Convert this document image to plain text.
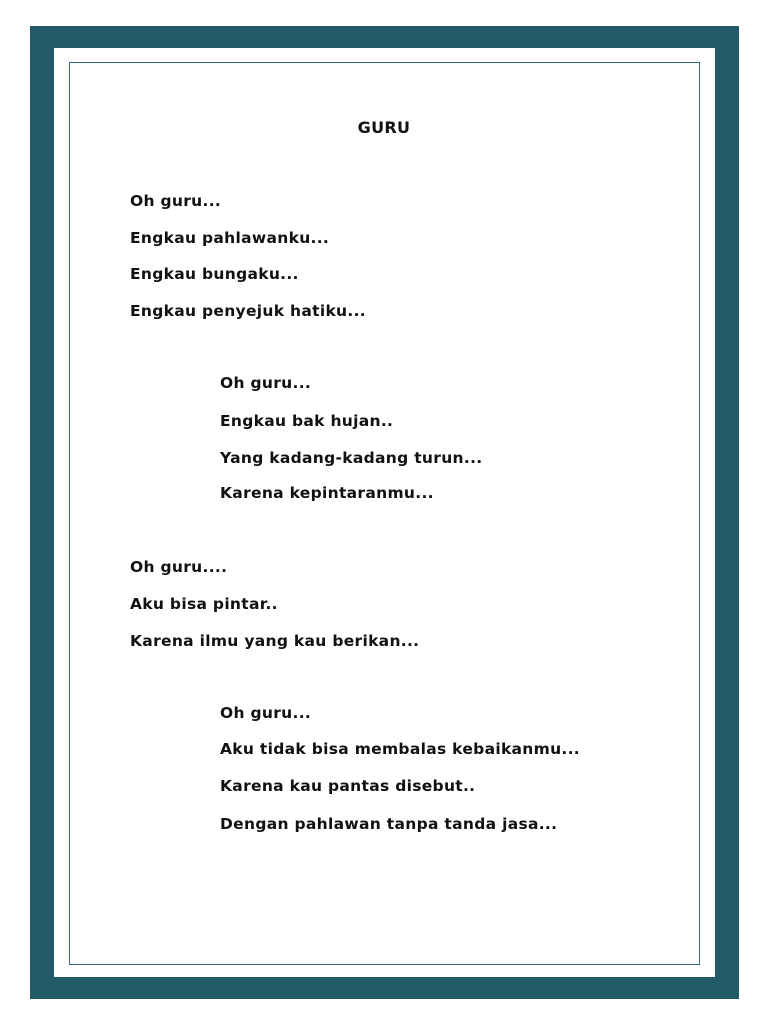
GURU
Oh guru...
Engkau pahlawanku...
Engkau bungaku...
Engkau penyejuk hatiku...
Oh guru...
Engkau bak hujan..
Yang kadang-kadang turun...
Karena kepintaranmu...
Oh guru....
Aku bisa pintar..
Karena ilmu yang kau berikan...
Oh guru...
Aku tidak bisa membalas kebaikanmu...
Karena kau pantas disebut..
Dengan pahlawan tanpa tanda jasa...
